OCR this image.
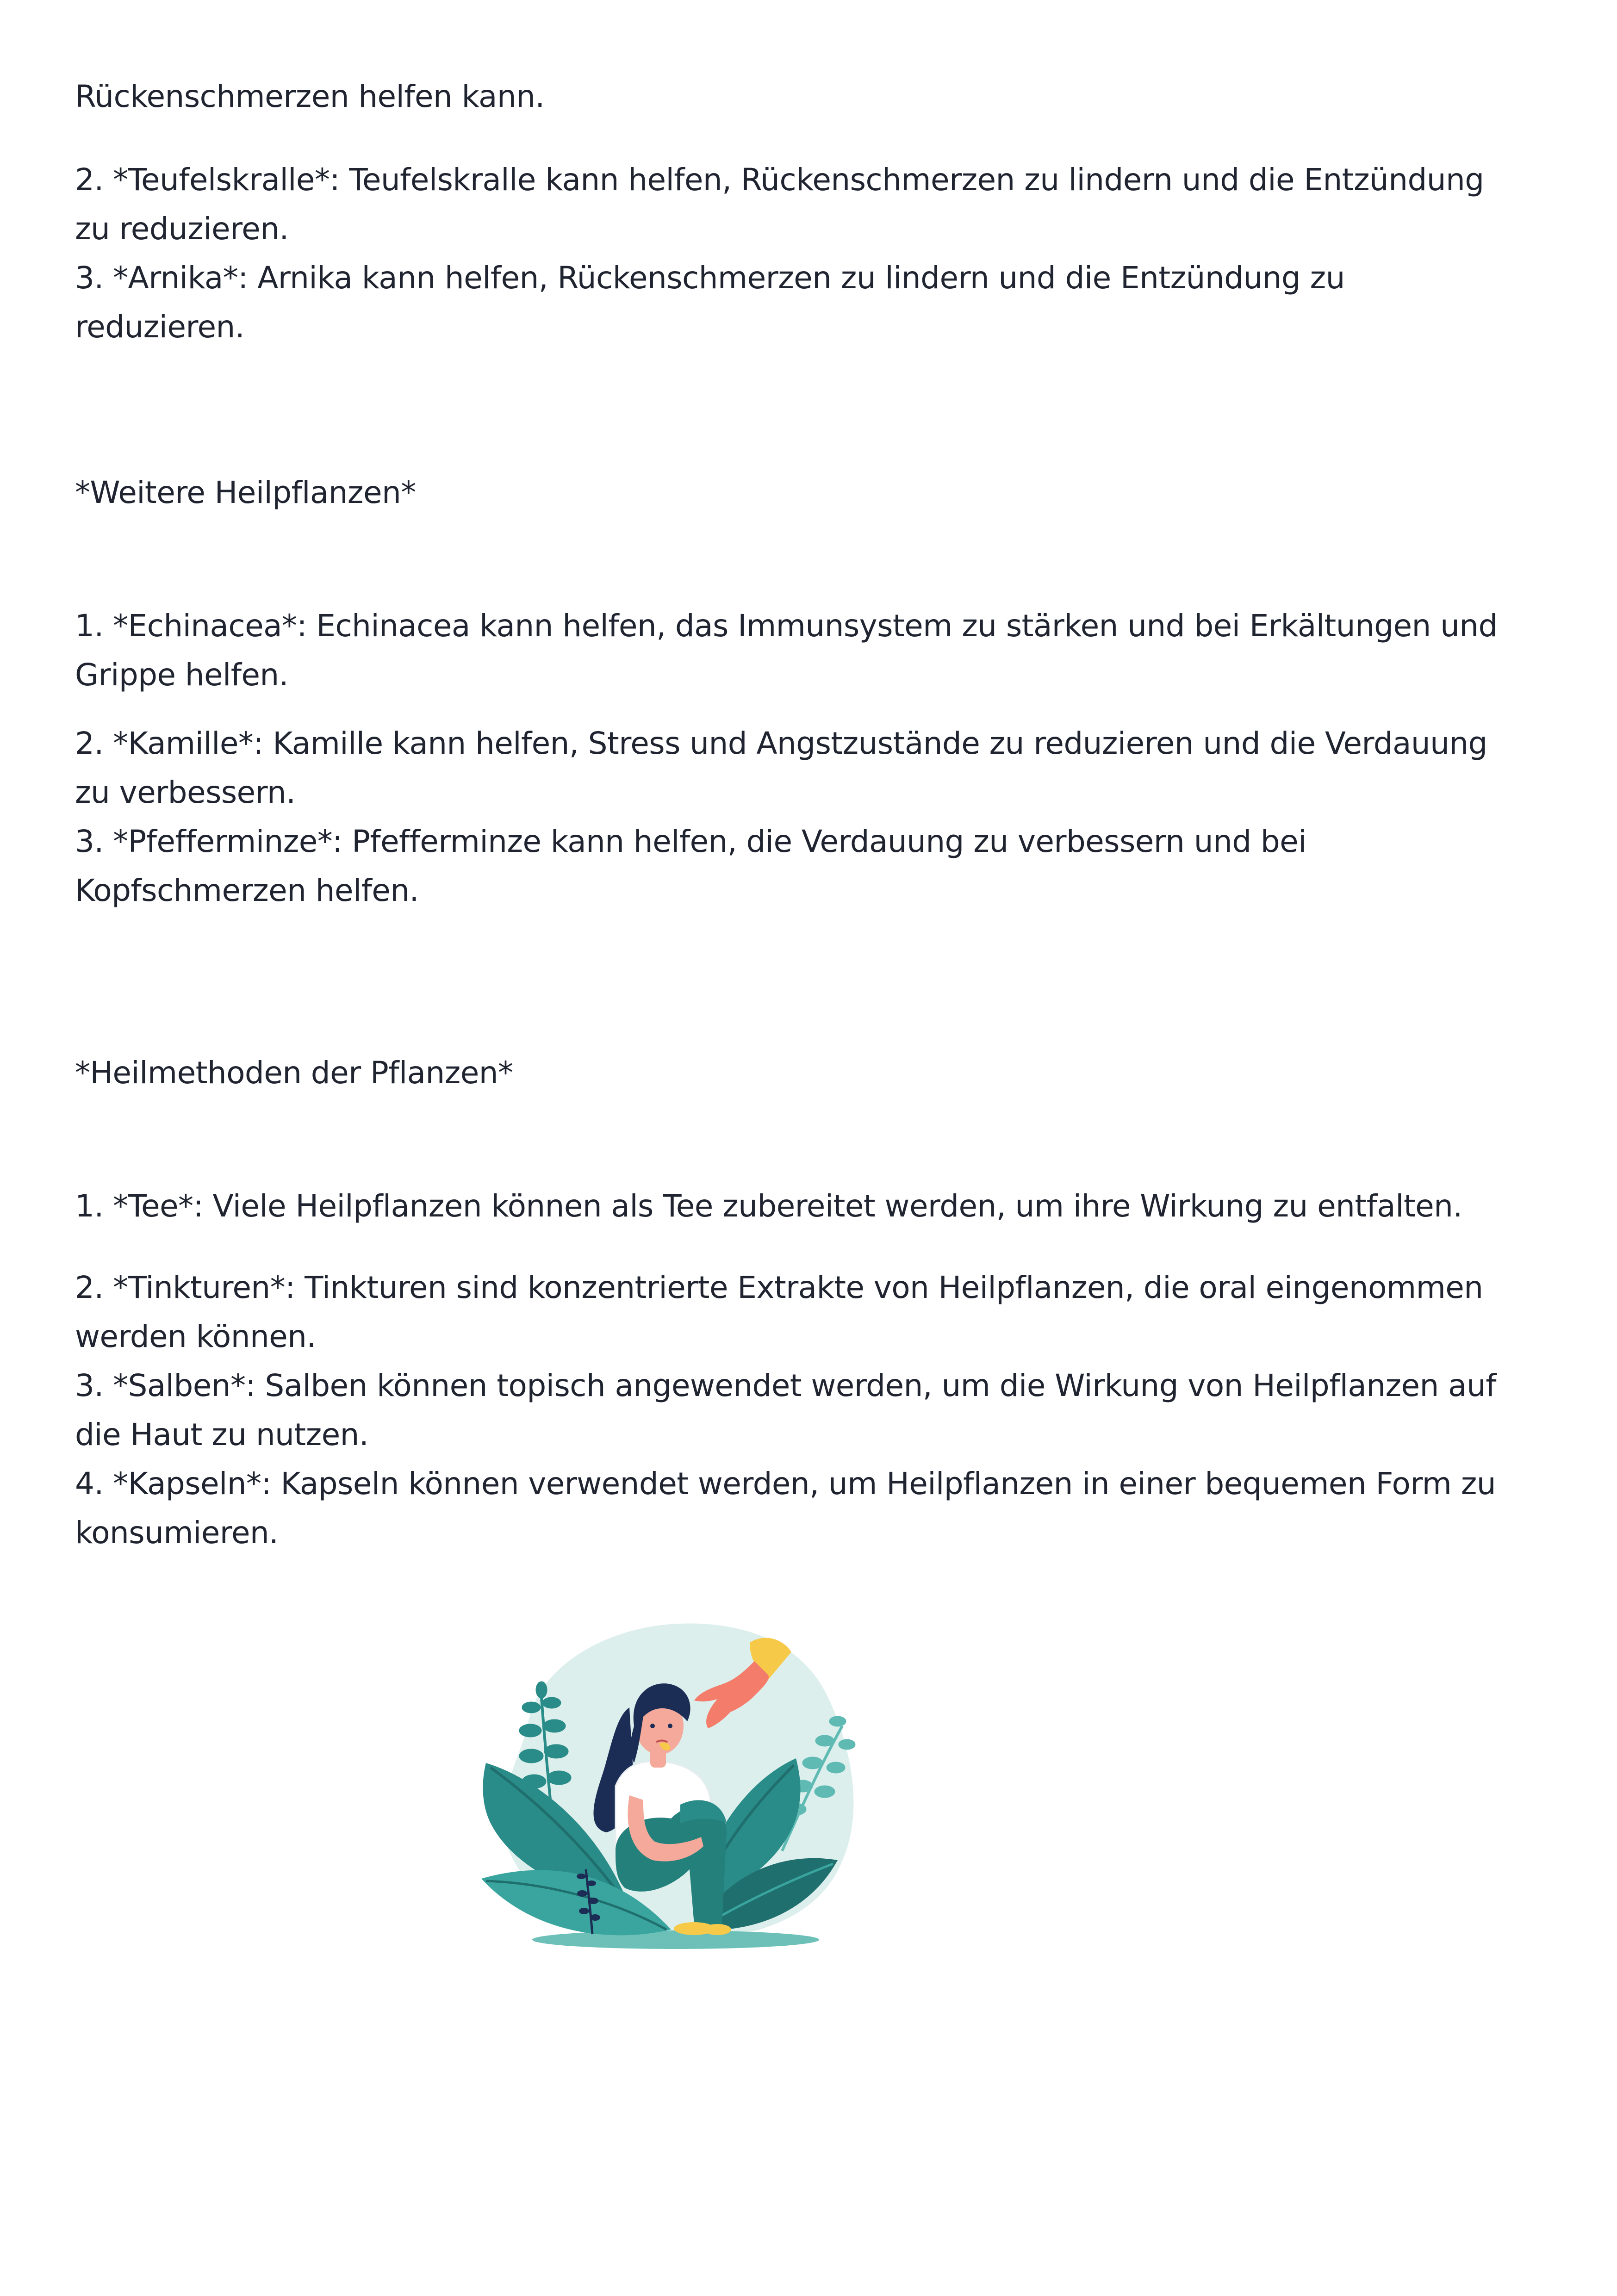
Rückenschmerzen helfen kann.

2. *Teufelskralle*: Teufelskralle kann helfen, Rückenschmerzen zu lindern und die Entzündung
zu reduzieren.

3. *Arnika*: Arnika kann helfen, Rückenschmerzen zu lindern und die Entzündung zu
reduzieren.

*Weitere Heilpflanzen*

1. *Echinacea*: Echinacea kann helfen, das Immunsystem zu stärken und bei Erkältungen und
Grippe helfen.

2. *Kamille*: Kamille kann helfen, Stress und Angstzustände zu reduzieren und die Verdauung
zu verbessern.

3. *Pfefferminze*: Pfefferminze kann helfen, die Verdauung zu verbessern und bei
Kopfschmerzen helfen.

*Heilmethoden der Pflanzen*

1. *Tee*: Viele Heilpflanzen können als Tee zubereitet werden, um ihre Wirkung zu entfalten.

2. *Tinkturen*: Tinkturen sind konzentrierte Extrakte von Heilpflanzen, die oral eingenommen
werden können.

3. *Salben*: Salben können topisch angewendet werden, um die Wirkung von Heilpflanzen auf
die Haut zu nutzen.

4. *Kapseln*: Kapseln können verwendet werden, um Heilpflanzen in einer bequemen Form zu
konsumieren.
